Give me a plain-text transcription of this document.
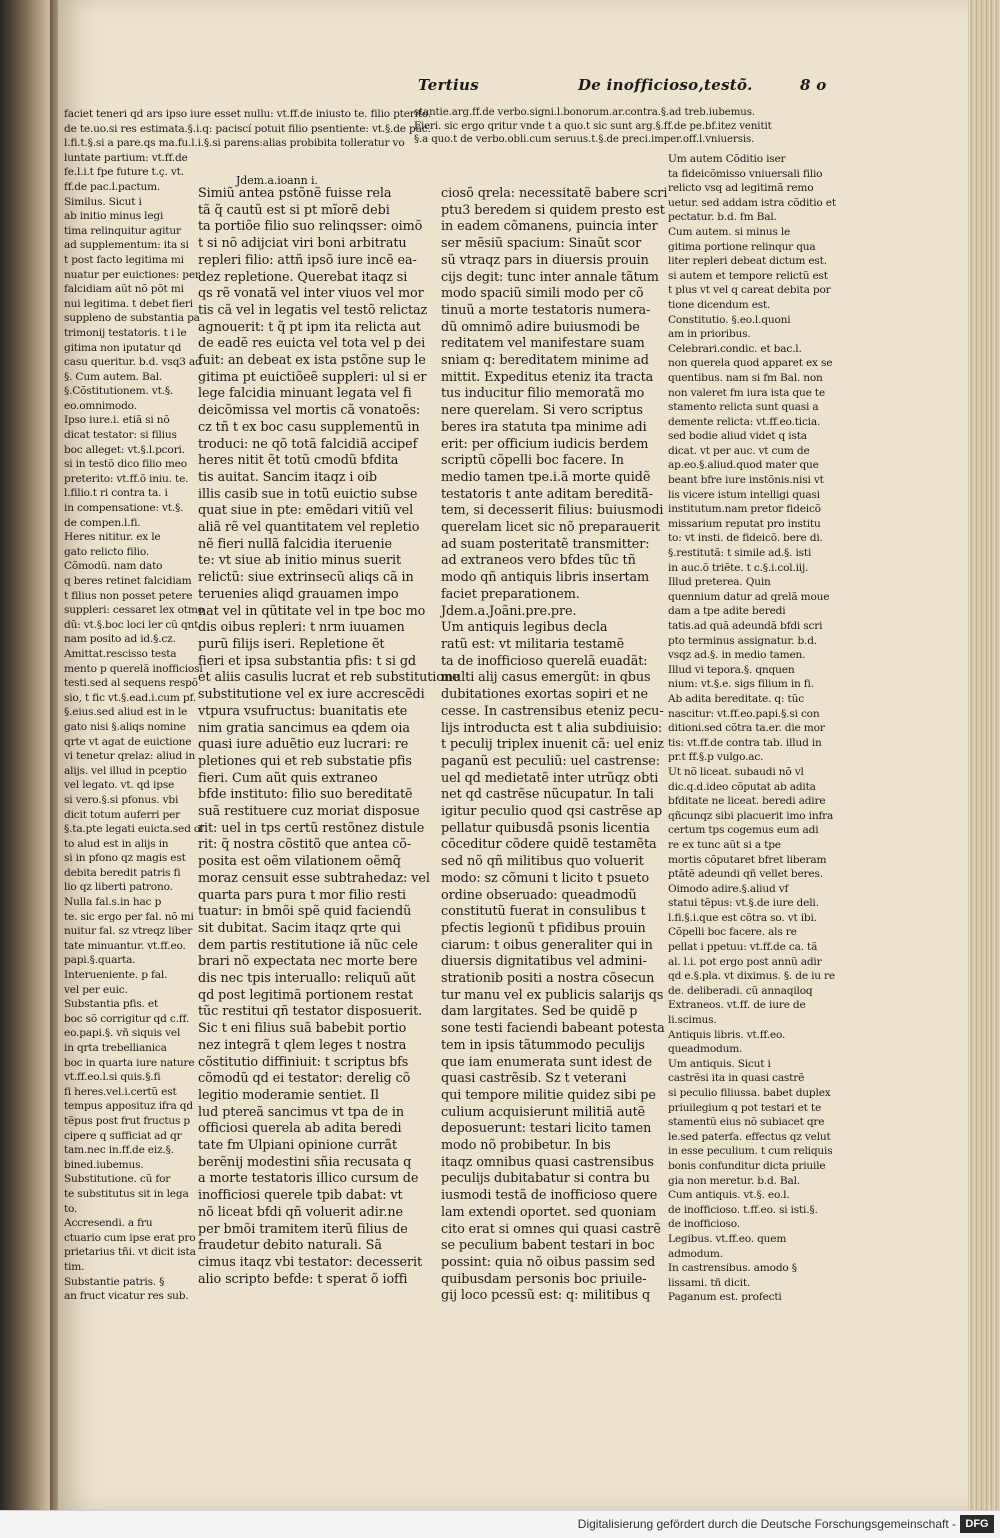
Tertius	De inofficioso,testõ.	8 o

faciet teneri qd ars ipso iure esset nullu: vt.ff.de iniusto te. filio pterito.

de te.uo.si res estimata.§.i.q: paciscí potuit filio psentiente: vt.§.de pac.

l.fi.t.§.si a pare.qs ma.fu.l.i.§.si parens:alias probibita tolleratur vo

luntate partium: vt.ff.de

fe.l.i.t fpe future t.ç. vt.

ff.de pac.l.pactum.

Similus. Sicut i

ab initio minus legi

tima relinquitur agitur

ad supplementum: ita si

t post facto legitima mi

nuatur per euictiones: per

falcidiam aũt nõ põt mi

nui legitima. t debet fieri

suppleno de substantia pa

trimonij testatoris. t i le

gitima non iputatur qd

casu queritur. b.d. vsq3 ad

§. Cum autem. Bal.

§.Cõstitutionem. vt.§.

eo.omnimodo.

Ipso iure.i. etiã si nõ

dicat testator: si filius

boc alleget: vt.§.l.pcori.

si in testõ dico filio meo

preterito: vt.ff.õ iniu. te.

l.filio.t ri contra ta. i

in compensatione: vt.§.

de compen.l.fi.

Heres nititur. ex le

gato relicto filio.

Cõmodũ. nam dato

q beres retinet falcidiam

t filius non posset petere

suppleri: cessaret lex otmo

dũ: vt.§.boc loci ler cũ qnt

nam posito ad id.§.cz.

Amittat.rescisso testa

mento p querelã inofficiosi

testi.sed al sequens respõ

sio, t fic vt.§.ead.i.cum pf.

§.eius.sed aliud est in le

gato nisi §.aliqs nomine

qrte vt agat de euictione

vi tenetur qrelaz: aliud in

alijs. vel illud in pceptio

vel legato. vt. qd ipse

si vero.§.si pfonus. vbi

dicit totum auferri per

§.ta.pte legati euicta.sed oi

to alud est in alijs in

si in pfono qz magis est

debita beredit patris fi

lio qz liberti patrono.

Nulla fal.s.in hac p

te. sic ergo per fal. nõ mi

nuitur fal. sz vtreqz liber

tate minuantur. vt.ff.eo.

papi.§.quarta.

Interueniente. p fal.

vel per euic.

Substantia pfis. et

boc sõ corrigitur qd c.ff.

eo.papi.§. vñ siquis vel

in qrta trebellianica

boc in quarta iure nature

vt.ff.eo.l.si quis.§.fi

fi heres.vel.i.certũ est

tempus apposituz ifra qd

tẽpus post frut fructus p

cipere q sufficiat ad qr

tam.nec in.ff.de eiz.§.

bined.iubemus.

Substitutione. cũ for

te substitutus sit in lega

to.

Accresendi. a fru

ctuario cum ipse erat pro

prietarius tñi. vt dicit ista

tim.

Substantie patris. §

an fruct vicatur res sub.

Jdem.a.ioann i.

stantie.arg.ff.de verbo.signi.l.bonorum.ar.contra.§.ad treb.iubemus.

Fieri. sic ergo qritur vnde t a quo.t sic sunt arg.§.ff.de pe.bf.itez venitit

§.a quo.t de verbo.obli.cum seruus.t.§.de preci.imper.off.l.vniuersis.

Simiũ antea pstõnẽ fuisse rela

tã q̃ cautũ est si pt mĩorẽ debi

ta portiõe filio suo relinqsser: oimõ

t si nõ adijciat viri boni arbitratu

repleri filio: attñ ipsõ iure incẽ ea-

dez repletione. Querebat itaqz si

qs rẽ vonatã vel inter viuos vel mor

tis cã vel in legatis vel testõ relictaz

agnouerit: t q̃ pt ipm ita relicta aut

de eadẽ res euicta vel tota vel p dei

fuit: an debeat ex ista pstõne sup le

gitima pt euictiõeẽ suppleri: ul si er

lege falcidia minuant legata vel fi

deicõmissa vel mortis cã vonatoẽs:

cz tñ t ex boc casu supplementũ in

troduci: ne qõ totã falcidiã accipef

heres nitit ẽt totũ cmodũ bfdita

tis auitat. Sancim itaqz i oib

illis casib sue in totũ euictio subse

quat siue in pte: emẽdari vitiũ vel

aliã rẽ vel quantitatem vel repletio

nẽ fieri nullã falcidia iteruenie

te: vt siue ab initio minus suerit

relictũ: siue extrinsecũ aliqs cã in

teruenies aliqd grauamen impo

nat vel in qũtitate vel in tpe boc mo

dis oibus repleri: t nrm iuuamen

purũ filijs iseri. Repletione ẽt

fieri et ipsa substantia pfis: t si gd

et aliis casulis lucrat et reb substitutione

substitutione vel ex iure accrescẽdi

vtpura vsufructus: buanitatis ete

nim gratia sancimus ea qdem oia

quasi iure aduẽtio euz lucrari: re

pletiones qui et reb substatie pfis

fieri. Cum aũt quis extraneo

bfde instituto: filio suo bereditatẽ

suã restituere cuz moriat disposue

rit: uel in tps certũ restõnez distule

rit: q̃ nostra cõstitõ que antea cõ-

posita est oẽm vilationem oẽmq̃

moraz censuit esse subtrahedaz: vel

quarta pars pura t mor filio resti

tuatur: in bmõi spẽ quid faciendũ

sit dubitat. Sacim itaqz qrte qui

dem partis restitutione iã nũc cele

brari nõ expectata nec morte bere

dis nec tpis interuallo: reliquũ aũt

qd post legitimã portionem restat

tũc restitui qñ testator disposuerit.

Sic t eni filius suã babebit portio

nez integrã t qlem leges t nostra

cõstitutio diffiniuit: t scriptus bfs

cõmodũ qd ei testator: derelig cõ

legitio moderamie sentiet. Il

lud ptereã sancimus vt tpa de in

officiosi querela ab adita beredi

tate fm Ulpiani opinione currãt

berẽnij modestini sñia recusata q

a morte testatoris illico cursum de

inofficiosi querele tpib dabat: vt

nõ liceat bfdi qñ voluerit adir.ne

per bmõi tramitem iterũ filius de

fraudetur debito naturali. Sã

cimus itaqz vbi testator: decesserit

alio scripto befde: t sperat õ ioffi

ciosõ qrela: necessitatẽ babere scri

ptu3 beredem si quidem presto est

in eadem cõmanens, puincia inter

ser mẽsiũ spacium: Sinaũt scor

sũ vtraqz pars in diuersis prouin

cijs degit: tunc inter annale tãtum

modo spaciũ simili modo per cõ

tinuũ a morte testatoris numera-

dũ omnimõ adire buiusmodi be

reditatem vel manifestare suam

sniam q: bereditatem minime ad

mittit. Expeditus eteniz ita tracta

tus inducitur filio memoratã mo

nere querelam. Si vero scriptus

beres ira statuta tpa minime adi

erit: per officium iudicis berdem

scriptũ cõpelli boc facere. In

medio tamen tpe.i.ã morte quidẽ

testatoris t ante aditam bereditã-

tem, si decesserit filius: buiusmodi

querelam licet sic nõ preparauerit

ad suam posteritatẽ transmitter:

ad extraneos vero bfdes tũc tñ

modo qñ antiquis libris insertam

faciet preparationem.

Jdem.a.Joãni.pre.pre.

Um antiquis legibus decla

ratũ est: vt militaria testamẽ

ta de inofficioso querelã euadãt:

multi alij casus emergũt: in qbus

dubitationes exortas sopiri et ne

cesse. In castrensibus eteniz pecu-

lijs introducta est t alia subdiuisio:

t peculij triplex inuenit cã: uel eniz

paganũ est peculiũ: uel castrense:

uel qd medietatẽ inter utrũqz obti

net qd castrẽse nũcupatur. In tali

igitur peculio quod qsi castrẽse ap

pellatur quibusdã psonis licentia

cõceditur cõdere quidẽ testamẽta

sed nõ qñ militibus quo voluerit

modo: sz cõmuni t licito t psueto

ordine obseruado: queadmodũ

constitutũ fuerat in consulibus t

pfectis legionũ t pfidibus prouin

ciarum: t oibus generaliter qui in

diuersis dignitatibus vel admini-

strationib positi a nostra cõsecun

tur manu vel ex publicis salarijs qs

dam largitates. Sed be quidẽ p

sone testi faciendi babeant potesta

tem in ipsis tãtummodo peculijs

que iam enumerata sunt idest de

quasi castrẽsib. Sz t veterani

qui tempore militie quidez sibi pe

culium acquisierunt militiã autẽ

deposuerunt: testari licito tamen

modo nõ probibetur. In bis

itaqz omnibus quasi castrensibus

peculijs dubitabatur si contra bu

iusmodi testã de inofficioso quere

lam extendi oportet. sed quoniam

cito erat si omnes qui quasi castrẽ

se peculium babent testari in boc

possint: quia nõ oibus passim sed

quibusdam personis boc priuile-

gij loco pcessũ est: q: militibus q

Um autem Cõditio iser

ta fideicõmisso vniuersali filio

relicto vsq ad legitimã remo

uetur. sed addam istra cõditio et

pectatur. b.d. fm Bal.

Cum autem. si minus le

gitima portione relinqur qua

liter repleri debeat dictum est.

si autem et tempore relictũ est

t plus vt vel q careat debita por

tione dicendum est.

Constitutio. §.eo.l.quoni

am in prioribus.

Celebrari.condic. et bac.l.

non querela quod apparet ex se

quentibus. nam si fm Bal. non

non valeret fm iura ista que te

stamento relicta sunt quasi a

demente relicta: vt.ff.eo.ticia.

sed bodie aliud videt q ista

dicat. vt per auc. vt cum de

ap.eo.§.aliud.quod mater que

beant bfre iure instõnis.nisi vt

lis vicere istum intelligi quasi

institutum.nam pretor fideicõ

missarium reputat pro institu

to: vt insti. de fideicõ. bere di.

§.restitutã: t simile ad.§. isti

in auc.õ triẽte. t c.§.i.col.iij.

Illud preterea. Quin

quennium datur ad qrelã moue

dam a tpe adite beredi

tatis.ad quã adeundã bfdi scri

pto terminus assignatur. b.d.

vsqz ad.§. in medio tamen.

Illud vi tepora.§. qnquen

nium: vt.§.e. sigs filium in fi.

Ab adita bereditate. q: tũc

nascitur: vt.ff.eo.papi.§.si con

ditioni.sed cõtra ta.er. die mor

tis: vt.ff.de contra tab. illud in

pr.t ff.§.p vulgo.ac.

Ut nõ liceat. subaudi nõ vl

dic.q.d.ideo cõputat ab adita

bfditate ne liceat. beredi adire

qñcunqz sibi placuerit imo infra

certum tps cogemus eum adi

re ex tunc aũt si a tpe

mortis cõputaret bfret liberam

ptãtẽ adeundi qñ vellet beres.

Oimodo adire.§.aliud vf

statui tẽpus: vt.§.de iure deli.

l.fi.§.i.que est cõtra so. vt ibi.

Cõpelli boc facere. als re

pellat i ppetuu: vt.ff.de ca. tã

al. l.i. pot ergo post annũ adir

qd e.§.pla. vt diximus. §. de iu re

de. deliberadi. cũ annaqiloq

Extraneos. vt.ff. de iure de

li.scimus.

Antiquis libris. vt.ff.eo.

queadmodum.

Um antiquis. Sicut i

castrẽsi ita in quasi castrẽ

si peculio filiussa. babet duplex

priuilegium q pot testari et te

stamentũ eius nõ subiacet qre

le.sed paterfa. effectus qz velut

in esse peculium. t cum reliquis

bonis confunditur dicta priuile

gia non meretur. b.d. Bal.

Cum antiquis. vt.§. eo.l.

de inofficioso. t.ff.eo. si isti.§.

de inofficioso.

Legibus. vt.ff.eo. quem

admodum.

In castrensibus. amodo §

lissami. tñ dicit.

Paganum est. profecti

Digitalisierung gefördert durch die Deutsche Forschungsgemeinschaft - DFG
